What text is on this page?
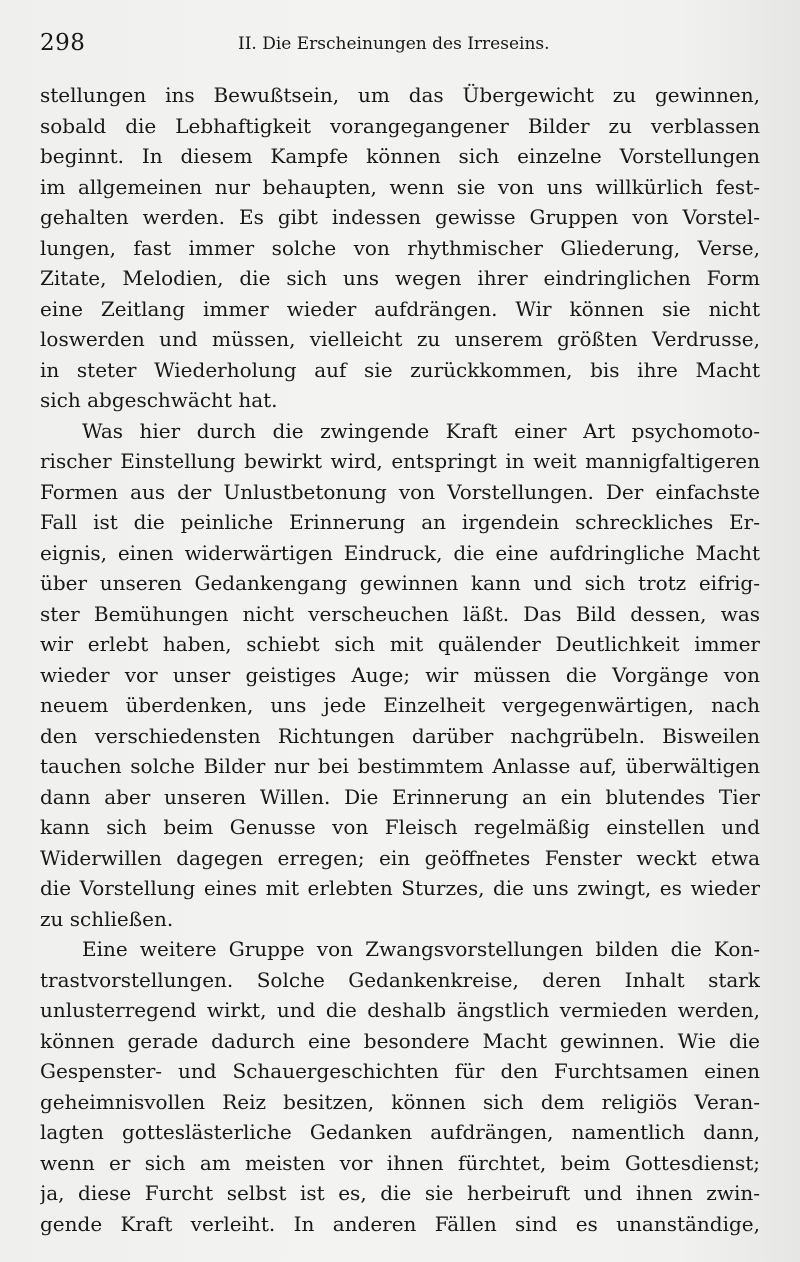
298	II. Die Erscheinungen des Irreseins.
stellungen ins Bewußtsein, um das Übergewicht zu gewinnen,
sobald die Lebhaftigkeit vorangegangener Bilder zu verblassen
beginnt. In diesem Kampfe können sich einzelne Vorstellungen
im allgemeinen nur behaupten, wenn sie von uns willkürlich fest-
gehalten werden. Es gibt indessen gewisse Gruppen von Vorstel-
lungen, fast immer solche von rhythmischer Gliederung, Verse,
Zitate, Melodien, die sich uns wegen ihrer eindringlichen Form
eine Zeitlang immer wieder aufdrängen. Wir können sie nicht
loswerden und müssen, vielleicht zu unserem größten Verdrusse,
in steter Wiederholung auf sie zurückkommen, bis ihre Macht
sich abgeschwächt hat.
Was hier durch die zwingende Kraft einer Art psychomoto-
rischer Einstellung bewirkt wird, entspringt in weit mannigfaltigeren
Formen aus der Unlustbetonung von Vorstellungen. Der einfachste
Fall ist die peinliche Erinnerung an irgendein schreckliches Er-
eignis, einen widerwärtigen Eindruck, die eine aufdringliche Macht
über unseren Gedankengang gewinnen kann und sich trotz eifrig-
ster Bemühungen nicht verscheuchen läßt. Das Bild dessen, was
wir erlebt haben, schiebt sich mit quälender Deutlichkeit immer
wieder vor unser geistiges Auge; wir müssen die Vorgänge von
neuem überdenken, uns jede Einzelheit vergegenwärtigen, nach
den verschiedensten Richtungen darüber nachgrübeln. Bisweilen
tauchen solche Bilder nur bei bestimmtem Anlasse auf, überwältigen
dann aber unseren Willen. Die Erinnerung an ein blutendes Tier
kann sich beim Genusse von Fleisch regelmäßig einstellen und
Widerwillen dagegen erregen; ein geöffnetes Fenster weckt etwa
die Vorstellung eines mit erlebten Sturzes, die uns zwingt, es wieder
zu schließen.
Eine weitere Gruppe von Zwangsvorstellungen bilden die Kon-
trastvorstellungen. Solche Gedankenkreise, deren Inhalt stark
unlusterregend wirkt, und die deshalb ängstlich vermieden werden,
können gerade dadurch eine besondere Macht gewinnen. Wie die
Gespenster- und Schauergeschichten für den Furchtsamen einen
geheimnisvollen Reiz besitzen, können sich dem religiös Veran-
lagten gotteslästerliche Gedanken aufdrängen, namentlich dann,
wenn er sich am meisten vor ihnen fürchtet, beim Gottesdienst;
ja, diese Furcht selbst ist es, die sie herbeiruft und ihnen zwin-
gende Kraft verleiht. In anderen Fällen sind es unanständige,
